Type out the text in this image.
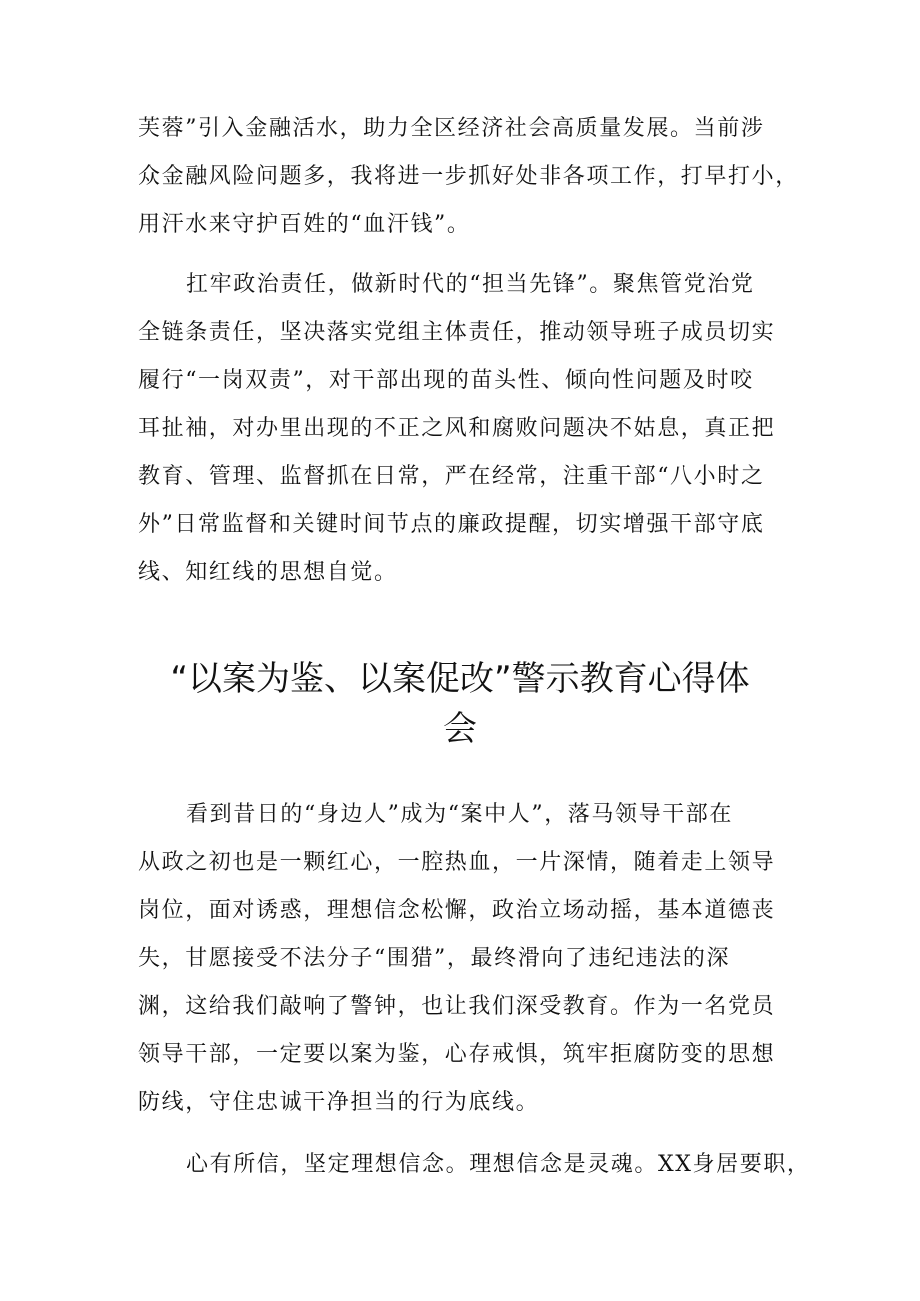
芙蓉”引入金融活水，助力全区经济社会高质量发展。当前涉
众金融风险问题多，我将进一步抓好处非各项工作，打早打小，
用汗水来守护百姓的“血汗钱”。
扛牢政治责任，做新时代的“担当先锋”。聚焦管党治党
全链条责任，坚决落实党组主体责任，推动领导班子成员切实
履行“一岗双责”，对干部出现的苗头性、倾向性问题及时咬
耳扯袖，对办里出现的不正之风和腐败问题决不姑息，真正把
教育、管理、监督抓在日常，严在经常，注重干部“八小时之
外”日常监督和关键时间节点的廉政提醒，切实增强干部守底
线、知红线的思想自觉。
“以案为鉴、以案促改”警示教育心得体
会
看到昔日的“身边人”成为“案中人”，落马领导干部在
从政之初也是一颗红心，一腔热血，一片深情，随着走上领导
岗位，面对诱惑，理想信念松懈，政治立场动摇，基本道德丧
失，甘愿接受不法分子“围猎”，最终滑向了违纪违法的深
渊，这给我们敲响了警钟，也让我们深受教育。作为一名党员
领导干部，一定要以案为鉴，心存戒惧，筑牢拒腐防变的思想
防线，守住忠诚干净担当的行为底线。
心有所信，坚定理想信念。理想信念是灵魂。XX身居要职，
